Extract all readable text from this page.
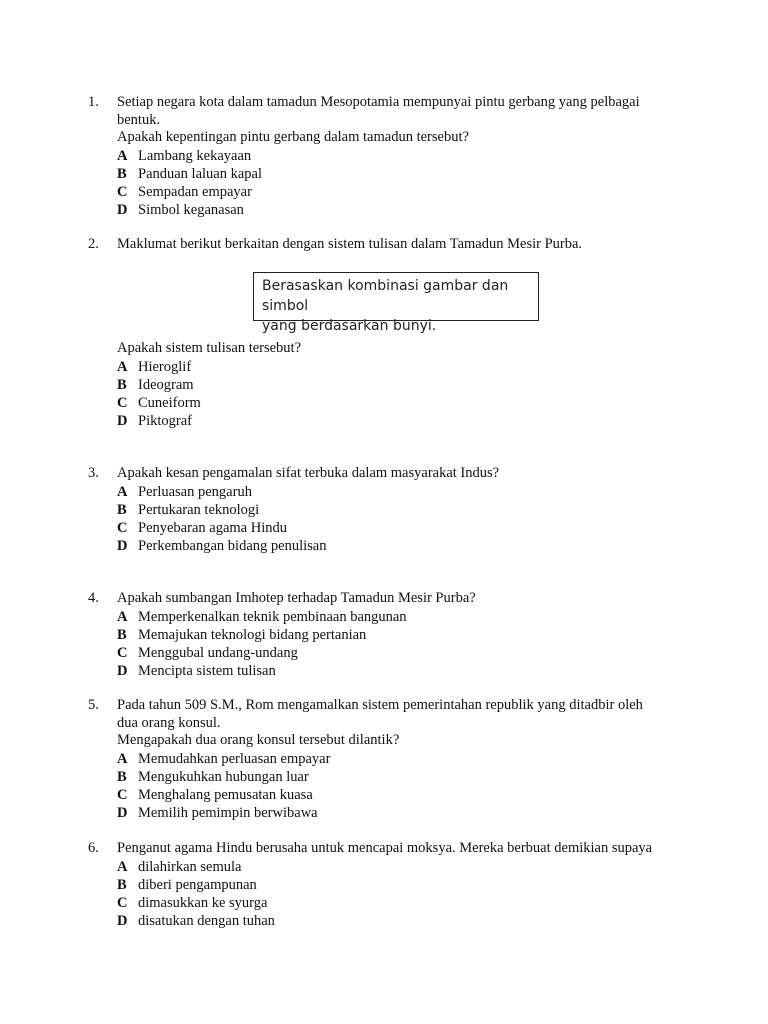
1. Setiap negara kota dalam tamadun Mesopotamia mempunyai pintu gerbang yang pelbagai

bentuk.

Apakah kepentingan pintu gerbang dalam tamadun tersebut?

A Lambang kekayaan
B Panduan laluan kapal
C Sempadan empayar
D Simbol keganasan
2. Maklumat berikut berkaitan dengan sistem tulisan dalam Tamadun Mesir Purba.

Berasaskan kombinasi gambar dan simbol
yang berdasarkan bunyi.

Apakah sistem tulisan tersebut?

A Hieroglif
B Ideogram
C Cuneiform
D Piktograf
3. Apakah kesan pengamalan sifat terbuka dalam masyarakat Indus?

A Perluasan pengaruh
B Pertukaran teknologi
C Penyebaran agama Hindu
D Perkembangan bidang penulisan
4. Apakah sumbangan Imhotep terhadap Tamadun Mesir Purba?

A Memperkenalkan teknik pembinaan bangunan
B Memajukan teknologi bidang pertanian
C Menggubal undang-undang
D Mencipta sistem tulisan
5. Pada tahun 509 S.M., Rom mengamalkan sistem pemerintahan republik yang ditadbir oleh

dua orang konsul.

Mengapakah dua orang konsul tersebut dilantik?

A Memudahkan perluasan empayar
B Mengukuhkan hubungan luar
C Menghalang pemusatan kuasa
D Memilih pemimpin berwibawa
6. Penganut agama Hindu berusaha untuk mencapai moksya. Mereka berbuat demikian supaya

A dilahirkan semula
B diberi pengampunan
C dimasukkan ke syurga
D disatukan dengan tuhan
